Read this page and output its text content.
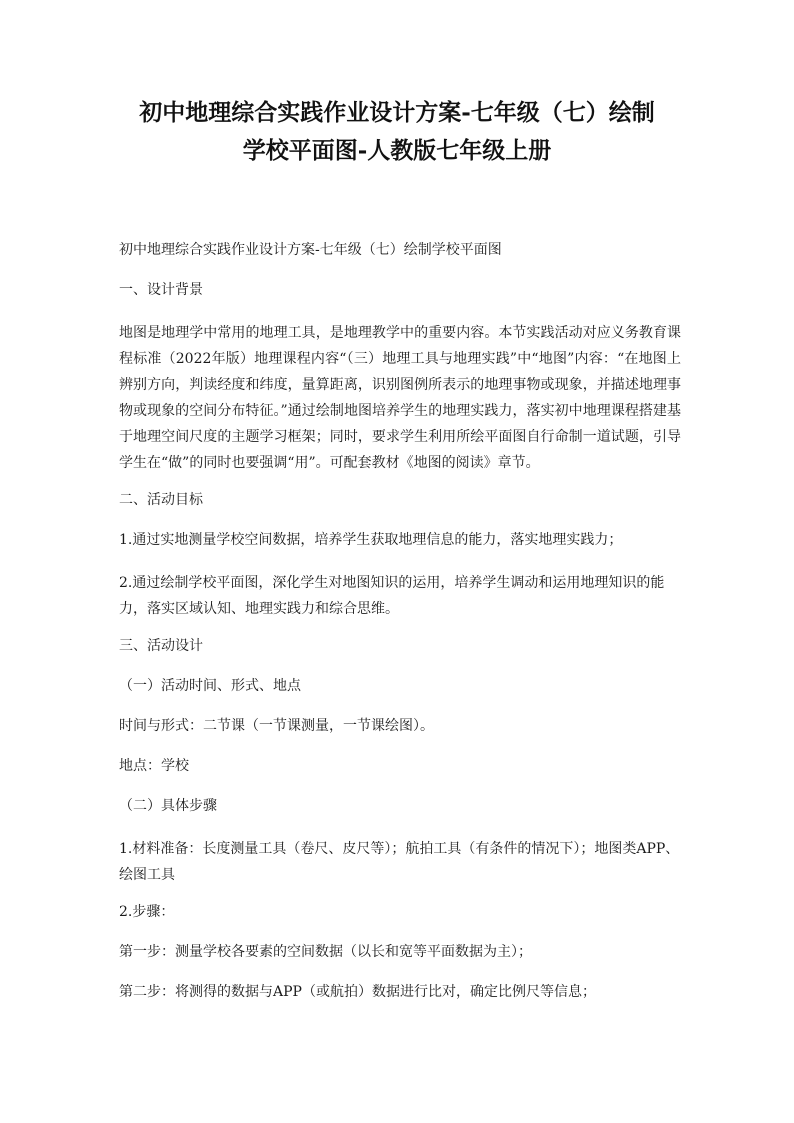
初中地理综合实践作业设计方案-七年级（七）绘制
学校平面图-人教版七年级上册

初中地理综合实践作业设计方案-七年级（七）绘制学校平面图

一、设计背景

地图是地理学中常用的地理工具，是地理教学中的重要内容。本节实践活动对应义务教育课程标准（2022年版）地理课程内容“（三）地理工具与地理实践”中“地图”内容：“在地图上辨别方向，判读经度和纬度，量算距离，识别图例所表示的地理事物或现象，并描述地理事物或现象的空间分布特征。”通过绘制地图培养学生的地理实践力，落实初中地理课程搭建基于地理空间尺度的主题学习框架；同时，要求学生利用所绘平面图自行命制一道试题，引导学生在“做”的同时也要强调“用”。可配套教材《地图的阅读》章节。

二、活动目标

1.通过实地测量学校空间数据，培养学生获取地理信息的能力，落实地理实践力；

2.通过绘制学校平面图，深化学生对地图知识的运用，培养学生调动和运用地理知识的能力，落实区域认知、地理实践力和综合思维。

三、活动设计

（一）活动时间、形式、地点

时间与形式：二节课（一节课测量，一节课绘图）。

地点：学校

（二）具体步骤

1.材料准备：长度测量工具（卷尺、皮尺等）；航拍工具（有条件的情况下）；地图类APP、绘图工具

2.步骤：

第一步：测量学校各要素的空间数据（以长和宽等平面数据为主）；

第二步：将测得的数据与APP（或航拍）数据进行比对，确定比例尺等信息；
